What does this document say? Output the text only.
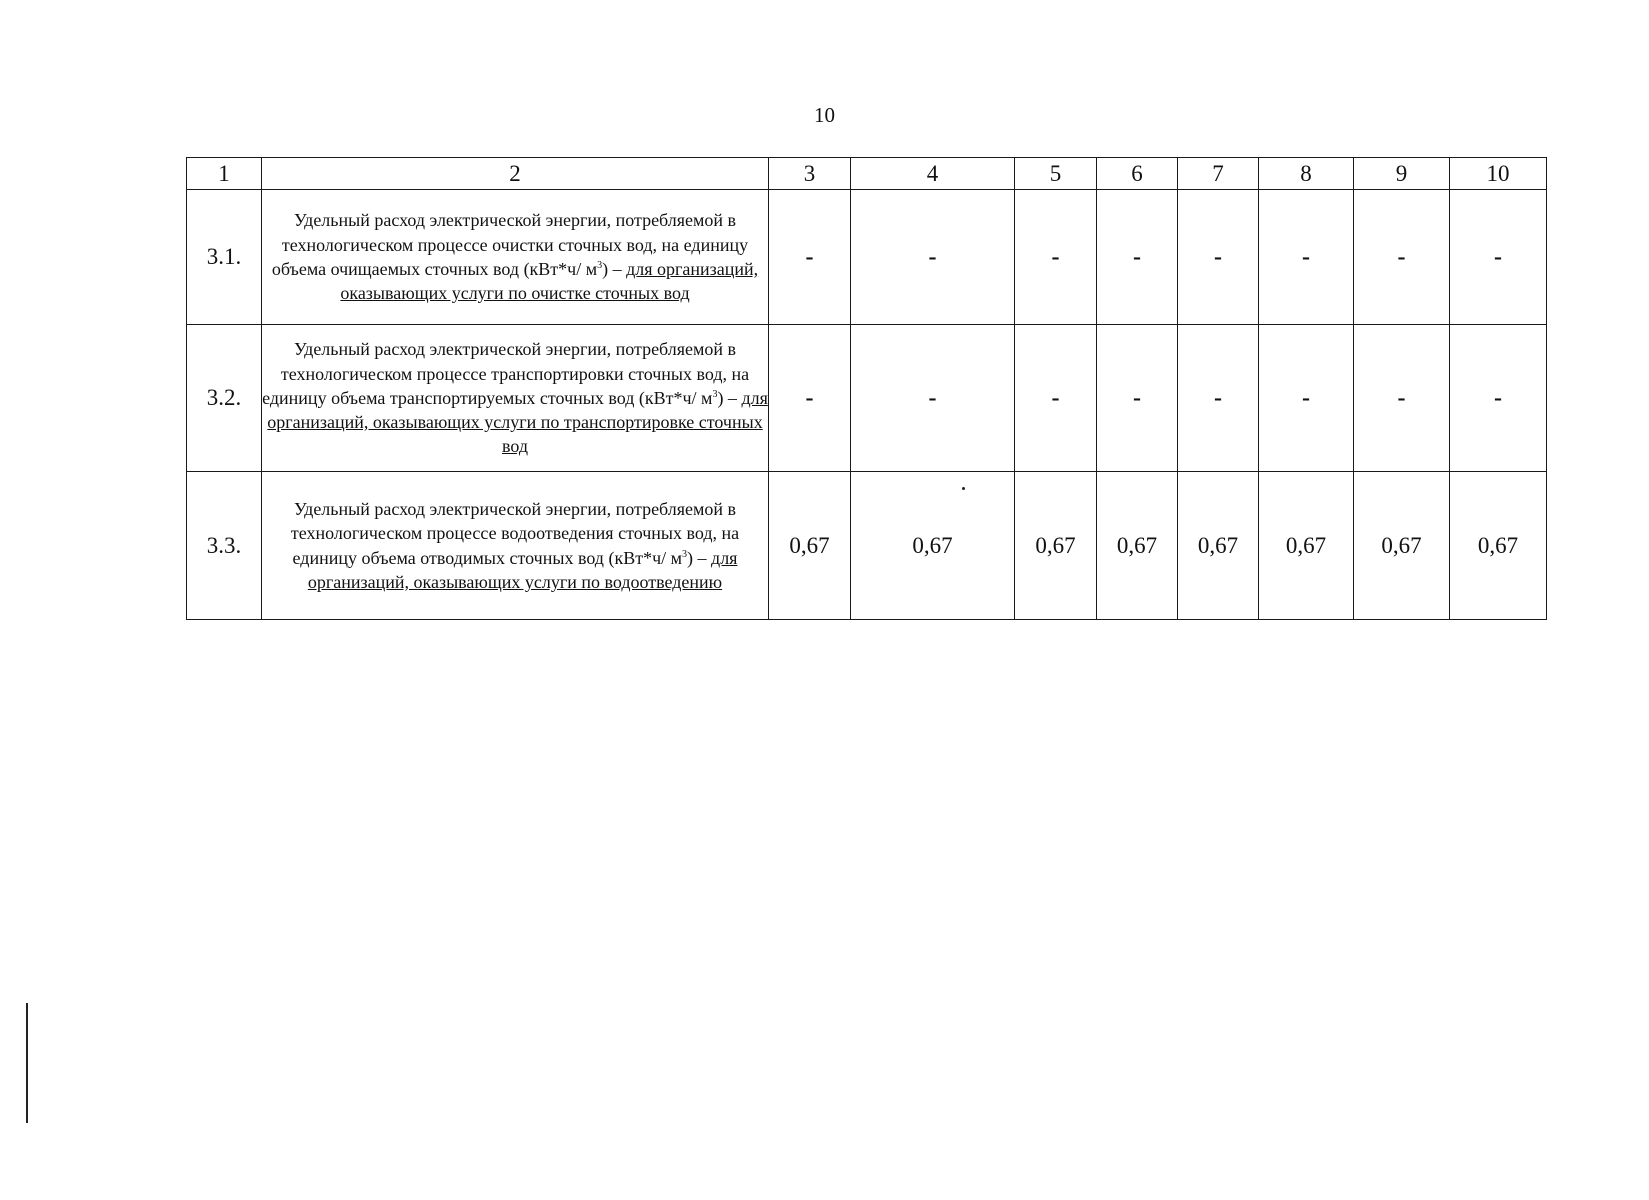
10
1	2	3	4	5	6	7	8	9	10
3.1.	Удельный расход электрической энергии, потребляемой в технологическом процессе очистки сточных вод, на единицу объема очищаемых сточных вод (кВт*ч/ $м^3$) – для организаций, оказывающих услуги по очистке сточных вод	-	-	-	-	-	-	-	-
3.2.	Удельный расход электрической энергии, потребляемой в технологическом процессе транспортировки сточных вод, на единицу объема транспортируемых сточных вод (кВт*ч/ $м^3$) – для организаций, оказывающих услуги по транспортировке сточных вод	-	-	-	-	-	-	-	-
3.3.	Удельный расход электрической энергии, потребляемой в технологическом процессе водоотведения сточных вод, на единицу объема отводимых сточных вод (кВт*ч/ $м^3$) – для организаций, оказывающих услуги по водоотведению	0,67	0,67	0,67	0,67	0,67	0,67	0,67	0,67
